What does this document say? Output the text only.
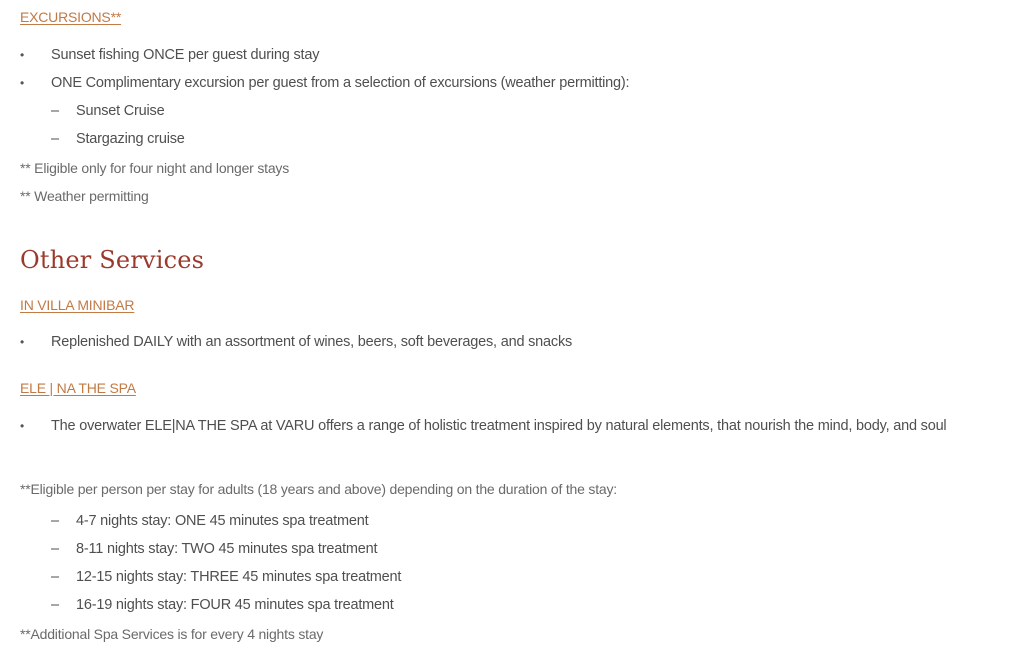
EXCURSIONS**
• Sunset fishing ONCE per guest during stay
• ONE Complimentary excursion per guest from a selection of excursions (weather permitting):
– Sunset Cruise
– Stargazing cruise
** Eligible only for four night and longer stays
** Weather permitting
Other Services
IN VILLA MINIBAR
• Replenished DAILY with an assortment of wines, beers, soft beverages, and snacks
ELE | NA THE SPA
• The overwater ELE|NA THE SPA at VARU offers a range of holistic treatment inspired by natural elements, that nourish the mind, body, and soul
**Eligible per person per stay for adults (18 years and above) depending on the duration of the stay:
– 4-7 nights stay: ONE 45 minutes spa treatment
– 8-11 nights stay: TWO 45 minutes spa treatment
– 12-15 nights stay: THREE 45 minutes spa treatment
– 16-19 nights stay: FOUR 45 minutes spa treatment
**Additional Spa Services is for every 4 nights stay
